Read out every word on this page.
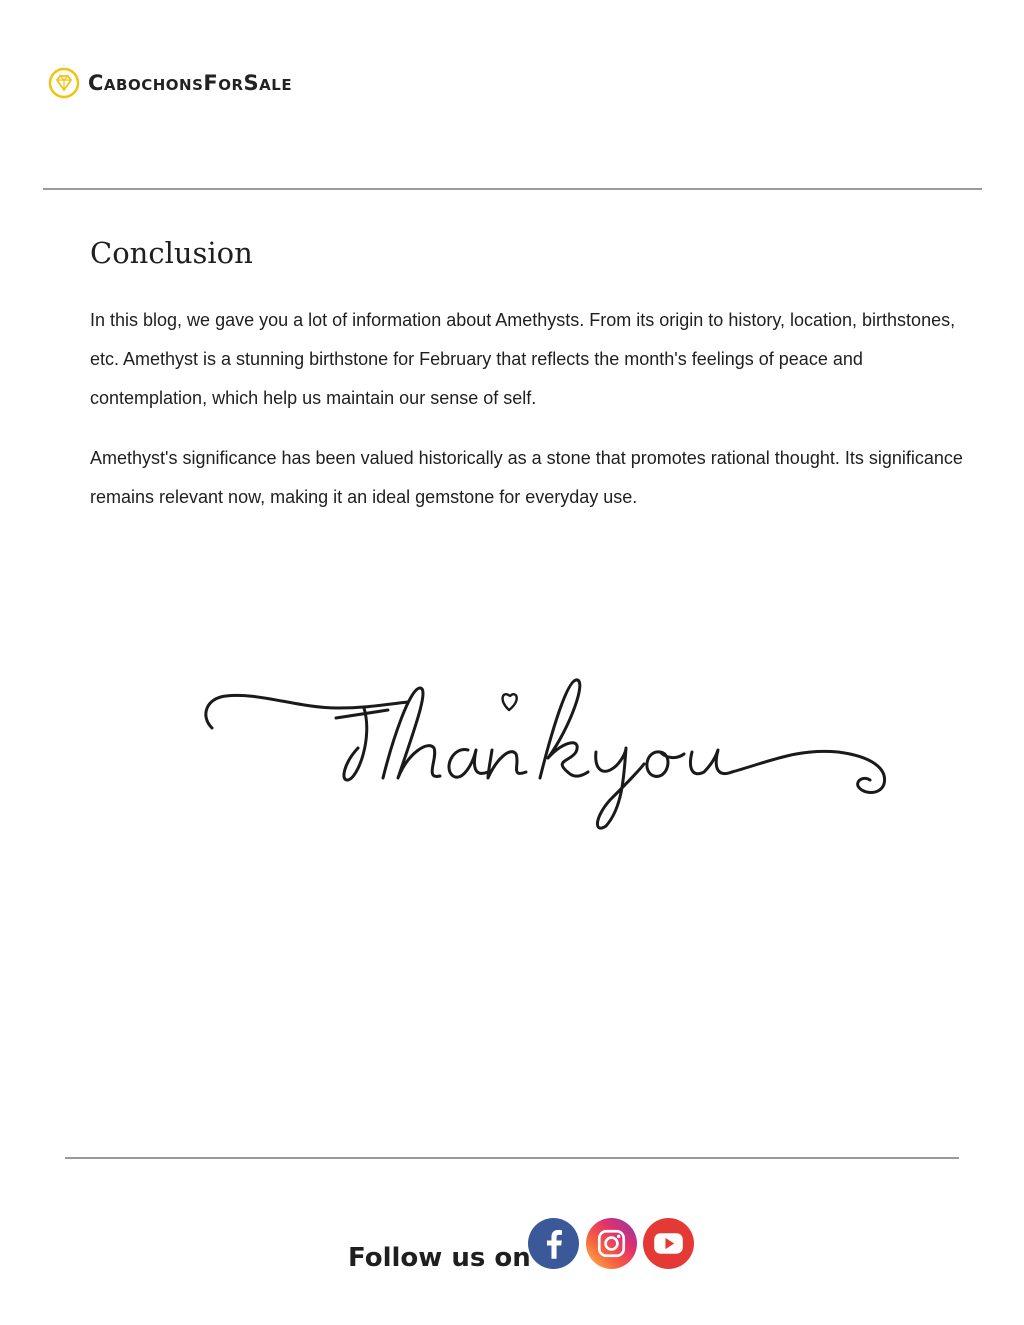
CabochonsForSale
Conclusion

In this blog, we gave you a lot of information about Amethysts. From its origin to history, location, birthstones, etc. Amethyst is a stunning birthstone for February that reflects the month's feelings of peace and contemplation, which help us maintain our sense of self.

Amethyst's significance has been valued historically as a stone that promotes rational thought. Its significance remains relevant now, making it an ideal gemstone for everyday use.

Follow us on
